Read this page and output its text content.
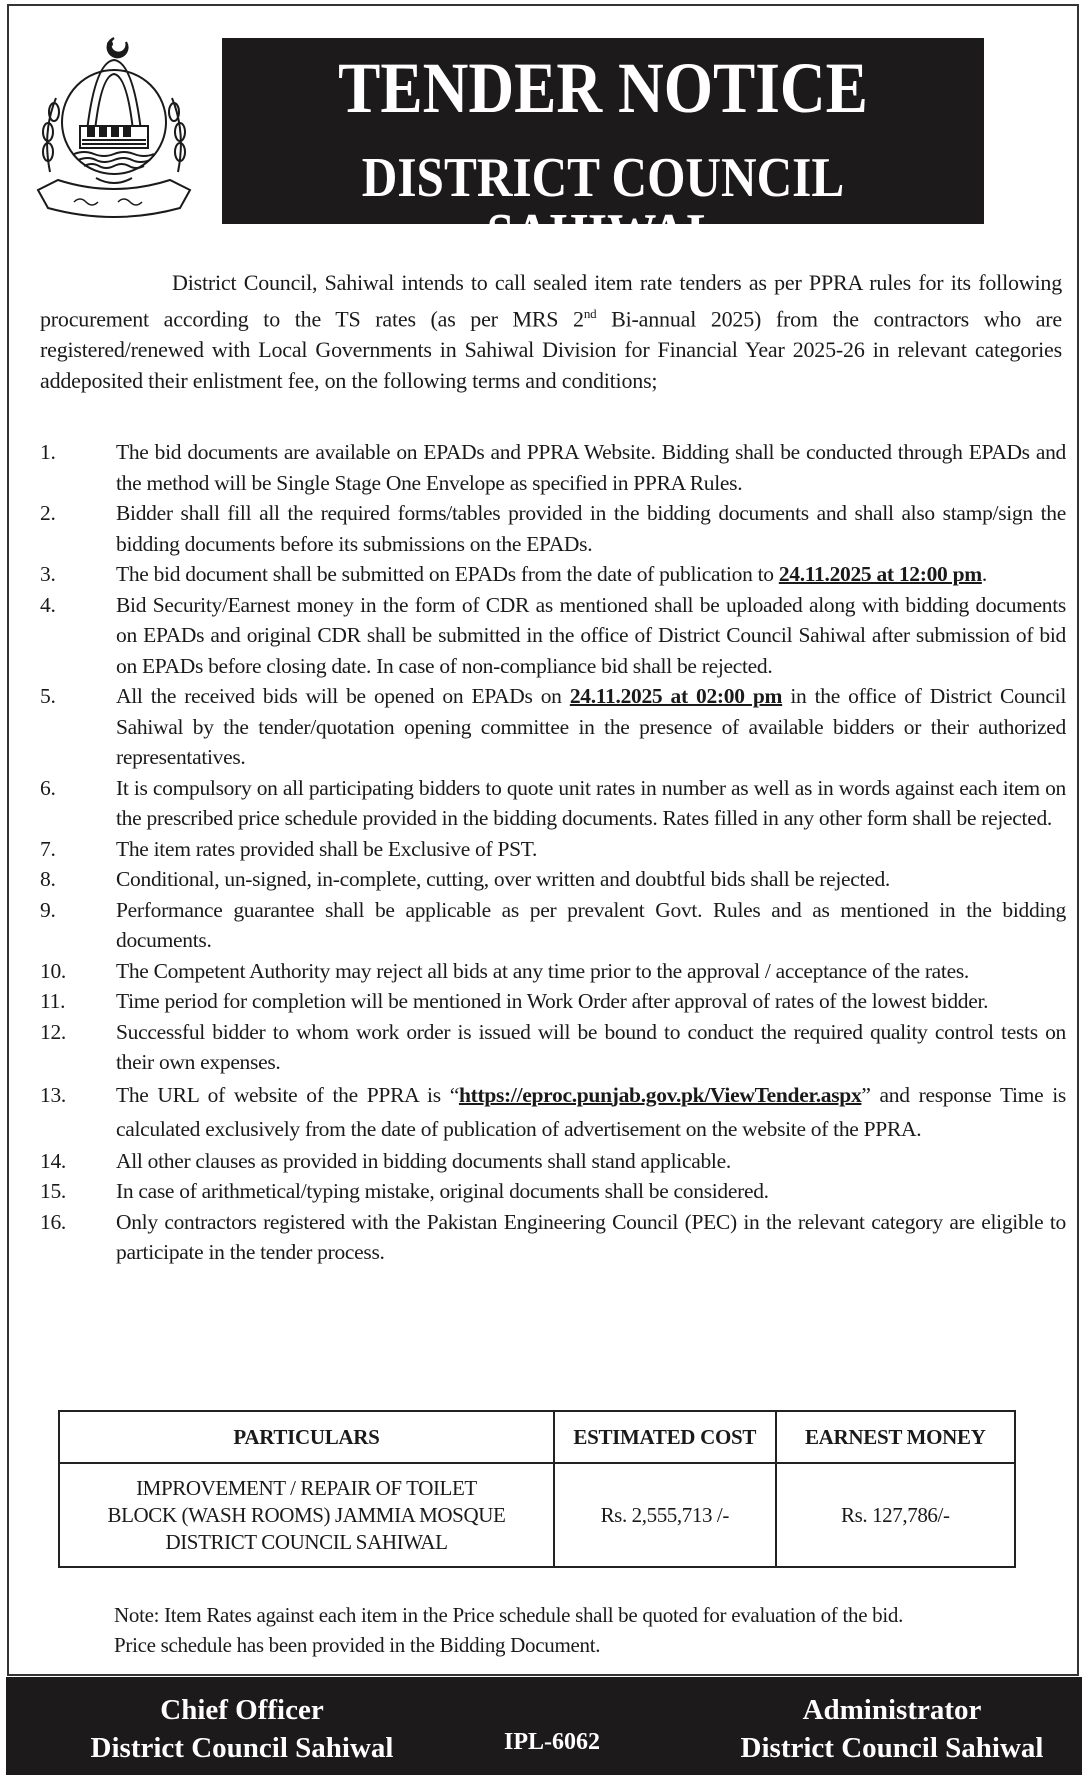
TENDER NOTICE
DISTRICT COUNCIL SAHIWAL

District Council, Sahiwal intends to call sealed item rate tenders as per PPRA rules for its following procurement according to the TS rates (as per MRS 2nd Bi-annual 2025) from the contractors who are registered/renewed with Local Governments in Sahiwal Division for Financial Year 2025-26 in relevant categories addeposited their enlistment fee, on the following terms and conditions;

1.	The bid documents are available on EPADs and PPRA Website. Bidding shall be conducted through EPADs and the method will be Single Stage One Envelope as specified in PPRA Rules.
2.	Bidder shall fill all the required forms/tables provided in the bidding documents and shall also stamp/sign the bidding documents before its submissions on the EPADs.
3.	The bid document shall be submitted on EPADs from the date of publication to 24.11.2025 at 12:00 pm.
4.	Bid Security/Earnest money in the form of CDR as mentioned shall be uploaded along with bidding documents on EPADs and original CDR shall be submitted in the office of District Council Sahiwal after submission of bid on EPADs before closing date. In case of non-compliance bid shall be rejected.
5.	All the received bids will be opened on EPADs on 24.11.2025 at 02:00 pm in the office of District Council Sahiwal by the tender/quotation opening committee in the presence of available bidders or their authorized representatives.
6.	It is compulsory on all participating bidders to quote unit rates in number as well as in words against each item on the prescribed price schedule provided in the bidding documents. Rates filled in any other form shall be rejected.
7.	The item rates provided shall be Exclusive of PST.
8.	Conditional, un-signed, in-complete, cutting, over written and doubtful bids shall be rejected.
9.	Performance guarantee shall be applicable as per prevalent Govt. Rules and as mentioned in the bidding documents.
10.	The Competent Authority may reject all bids at any time prior to the approval / acceptance of the rates.
11.	Time period for completion will be mentioned in Work Order after approval of rates of the lowest bidder.
12.	Successful bidder to whom work order is issued will be bound to conduct the required quality control tests on their own expenses.
13.	The URL of website of the PPRA is “https://eproc.punjab.gov.pk/ViewTender.aspx” and response Time is calculated exclusively from the date of publication of advertisement on the website of the PPRA.
14.	All other clauses as provided in bidding documents shall stand applicable.
15.	In case of arithmetical/typing mistake, original documents shall be considered.
16.	Only contractors registered with the Pakistan Engineering Council (PEC) in the relevant category are eligible to participate in the tender process.
PARTICULARS	ESTIMATED COST	EARNEST MONEY
IMPROVEMENT / REPAIR OF TOILET BLOCK (WASH ROOMS) JAMMIA MOSQUE DISTRICT COUNCIL SAHIWAL	Rs. 2,555,713 /-	Rs. 127,786/-
Note: Item Rates against each item in the Price schedule shall be quoted for evaluation of the bid.
Price schedule has been provided in the Bidding Document.
Chief Officer
District Council Sahiwal	IPL-6062
Administrator
District Council Sahiwal
